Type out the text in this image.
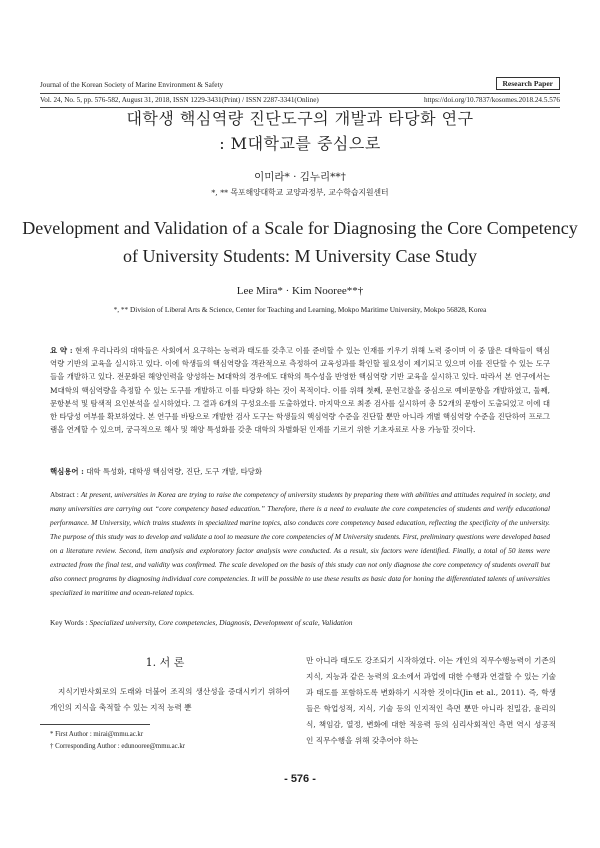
Journal of the Korean Society of Marine Environment & Safety	Research Paper
Vol. 24, No. 5, pp. 576-582, August 31, 2018, ISSN 1229-3431(Print) / ISSN 2287-3341(Online)	https://doi.org/10.7837/kosomes.2018.24.5.576
대학생 핵심역량 진단도구의 개발과 타당화 연구
: M대학교를 중심으로
이미라* · 김누리**†
*, ** 목포해양대학교 교양과정부, 교수학습지원센터
Development and Validation of a Scale for Diagnosing the Core Competency
of University Students: M University Case Study
Lee Mira* · Kim Nooree**†
*, ** Division of Liberal Arts & Science, Center for Teaching and Learning, Mokpo Maritime University, Mokpo 56828, Korea
요 약 : 현재 우리나라의 대학들은 사회에서 요구하는 능력과 태도를 갖추고 이를 준비할 수 있는 인재를 키우기 위해 노력 중이며 이 중 많은 대학들이 핵심역량 기반의 교육을 실시하고 있다. 이에 학생들의 핵심역량을 객관적으로 측정하여 교육성과를 확인할 필요성이 제기되고 있으며 이를 진단할 수 있는 도구들을 개발하고 있다. 전문화된 해양인력을 양성하는 M대학의 경우에도 대학의 특수성을 반영한 핵심역량 기반 교육을 실시하고 있다. 따라서 본 연구에서는 M대학의 핵심역량을 측정할 수 있는 도구를 개발하고 이를 타당화 하는 것이 목적이다. 이를 위해 첫째, 문헌고찰을 중심으로 예비문항을 개발하였고, 둘째, 문항분석 및 탐색적 요인분석을 실시하였다. 그 결과 6개의 구성요소를 도출하였다. 마지막으로 최종 검사를 실시하여 총 52개의 문항이 도출되었고 이에 대한 타당성 여부를 확보하였다. 본 연구를 바탕으로 개발한 검사 도구는 학생들의 핵심역량 수준을 진단할 뿐만 아니라 개별 핵심역량 수준을 진단하여 프로그램을 연계할 수 있으며, 궁극적으로 해사 및 해양 특성화를 갖춘 대학의 차별화된 인재를 기르기 위한 기초자료로 사용 가능할 것이다.
핵심용어 : 대학 특성화, 대학생 핵심역량, 진단, 도구 개발, 타당화
Abstract : At present, universities in Korea are trying to raise the competency of university students by preparing them with abilities and attitudes required in society, and many universities are carrying out “core competency based education.” Therefore, there is a need to evaluate the core competencies of students and verify educational performance. M University, which trains students in specialized marine topics, also conducts core competency based education, reflecting the specificity of the university. The purpose of this study was to develop and validate a tool to measure the core competencies of M University students. First, preliminary questions were developed based on a literature review. Second, item analysis and exploratory factor analysis were conducted. As a result, six factors were identified. Finally, a total of 50 items were extracted from the final test, and validity was confirmed. The scale developed on the basis of this study can not only diagnose the core competency of students overall but also connect programs by diagnosing individual core competencies. It will be possible to use these results as basic data for honing the differentiated talents of universities specialized in maritime and ocean-related topics.
Key Words : Specialized university, Core competencies, Diagnosis, Development of scale, Validation
1. 서 론
지식기반사회로의 도래와 더불어 조직의 생산성을 증대시키기 위하여 개인의 지식을 축적할 수 있는 지적 능력 뿐
만 아니라 태도도 강조되기 시작하였다. 이는 개인의 직무수행능력이 기존의 지식, 지능과 같은 능력의 요소에서 과업에 대한 수행과 연결할 수 있는 기술과 태도를 포함하도록 변화하기 시작한 것이다(Jin et al., 2011). 즉, 학생들은 학업성적, 지식, 기술 등의 인지적인 측면 뿐만 아니라 친밀감, 윤리의식, 책임감, 열정, 변화에 대한 적응력 등의 심리사회적인 측면 역시 성공적인 직무수행을 위해 갖추어야 하는
* First Author : mirai@mmu.ac.kr
† Corresponding Author : edunooree@mmu.ac.kr
- 576 -
